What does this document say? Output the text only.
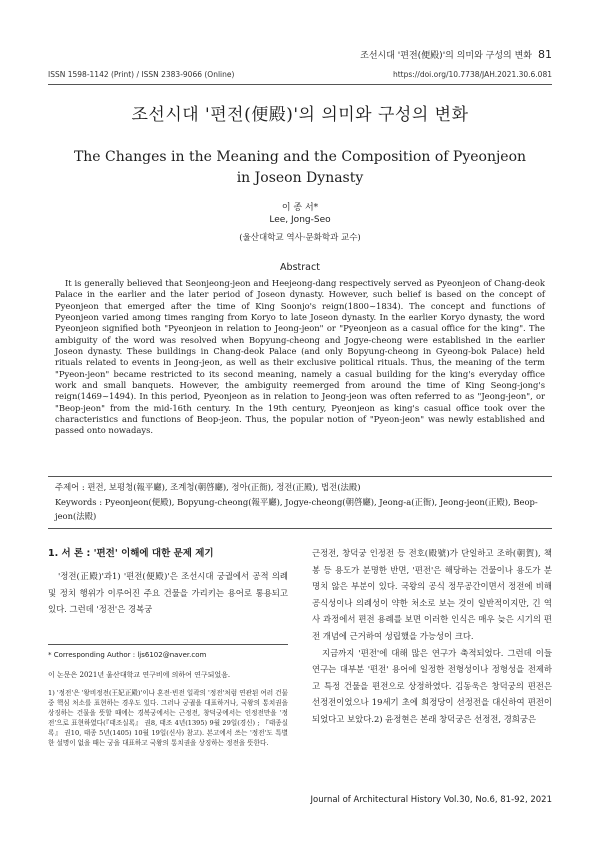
조선시대 '편전(便殿)'의 의미와 구성의 변화 81
ISSN 1598-1142 (Print) / ISSN 2383-9066 (Online)	https://doi.org/10.7738/JAH.2021.30.6.081
조선시대 '편전(便殿)'의 의미와 구성의 변화
The Changes in the Meaning and the Composition of Pyeonjeon
in Joseon Dynasty
이 종 서*
Lee, Jong-Seo
(울산대학교 역사·문화학과 교수)
Abstract
It is generally believed that Seonjeong-jeon and Heejeong-dang respectively served as Pyeonjeon of Chang-deok Palace in the earlier and the later period of Joseon dynasty. However, such belief is based on the concept of Pyeonjeon that emerged after the time of King Soonjo's reign(1800~1834). The concept and functions of Pyeonjeon varied among times ranging from Koryo to late Joseon dynasty. In the earlier Koryo dynasty, the word Pyeonjeon signified both "Pyeonjeon in relation to Jeong-jeon" or "Pyeonjeon as a casual office for the king". The ambiguity of the word was resolved when Bopyung-cheong and Jogye-cheong were established in the earlier Joseon dynasty. These buildings in Chang-deok Palace (and only Bopyung-cheong in Gyeong-bok Palace) held rituals related to events in Jeong-jeon, as well as their exclusive political rituals. Thus, the meaning of the term "Pyeon-jeon" became restricted to its second meaning, namely a casual building for the king's everyday office work and small banquets. However, the ambiguity reemerged from around the time of King Seong-jong's reign(1469~1494). In this period, Pyeonjeon as in relation to Jeong-jeon was often referred to as "Jeong-jeon", or "Beop-jeon" from the mid-16th century. In the 19th century, Pyeonjeon as king's casual office took over the characteristics and functions of Beop-jeon. Thus, the popular notion of "Pyeon-jeon" was newly established and passed onto nowadays.
주제어 : 편전, 보평청(報平廳), 조계청(朝啓廳), 정아(正衙), 정전(正殿), 법전(法殿)
Keywords : Pyeonjeon(便殿), Bopyung-cheong(報平廳), Jogye-cheong(朝啓廳), Jeong-a(正衙), Jeong-jeon(正殿), Beop-jeon(法殿)
1. 서 론 : '편전' 이해에 대한 문제 제기

'정전(正殿)'과1) '편전(便殿)'은 조선시대 궁궐에서 공적 의례 및 정치 행위가 이루어진 주요 건물을 가리키는 용어로 통용되고 있다. 그런데 '정전'은 경복궁

근정전, 창덕궁 인정전 등 전호(殿號)가 단일하고 조하(朝賀), 책봉 등 용도가 분명한 반면, '편전'은 해당하는 건물이나 용도가 분명치 않은 부분이 있다. 국왕의 공식 정무공간이면서 정전에 비해 공식성이나 의례성이 약한 처소로 보는 것이 일반적이지만, 긴 역사 과정에서 편전 용례를 보면 이러한 인식은 매우 늦은 시기의 편전 개념에 근거하여 성립했을 가능성이 크다.

지금까지 '편전'에 대해 많은 연구가 축적되었다. 그런데 이들 연구는 대부분 '편전' 용어에 일정한 전형성이나 정형성을 전제하고 특정 건물을 편전으로 상정하였다. 김동욱은 창덕궁의 편전은 선정전이었으나 19세기 초에 희정당이 선정전을 대신하여 편전이 되었다고 보았다.2) 윤정현은 본래 창덕궁은 선정전, 경희궁은

* Corresponding Author : ljs6102@naver.com
이 논문은 2021년 울산대학교 연구비에 의하여 연구되었음.
1) '정전'은 '왕비정전(王妃正殿)'이나 혼전·빈전 일곽의 '정전'처럼 연관된 여러 건물 중 핵심 처소를 표현하는 경우도 있다. 그러나 궁궐을 대표하거나, 국왕의 통치권을 상징하는 건물을 뜻할 때에는 경복궁에서는 근정전, 창덕궁에서는 인정전만을 '정전'으로 표현하였다(『태조실록』 권8, 태조 4년(1395) 9월 29일(경신) ; 『태종실록』 권10, 태종 5년(1405) 10월 19일(신사) 참고). 본고에서 쓰는 '정전'도 특별한 설명이 없을 때는 궁을 대표하고 국왕의 통치권을 상징하는 정전을 뜻한다.
Journal of Architectural History Vol.30, No.6, 81-92, 2021
